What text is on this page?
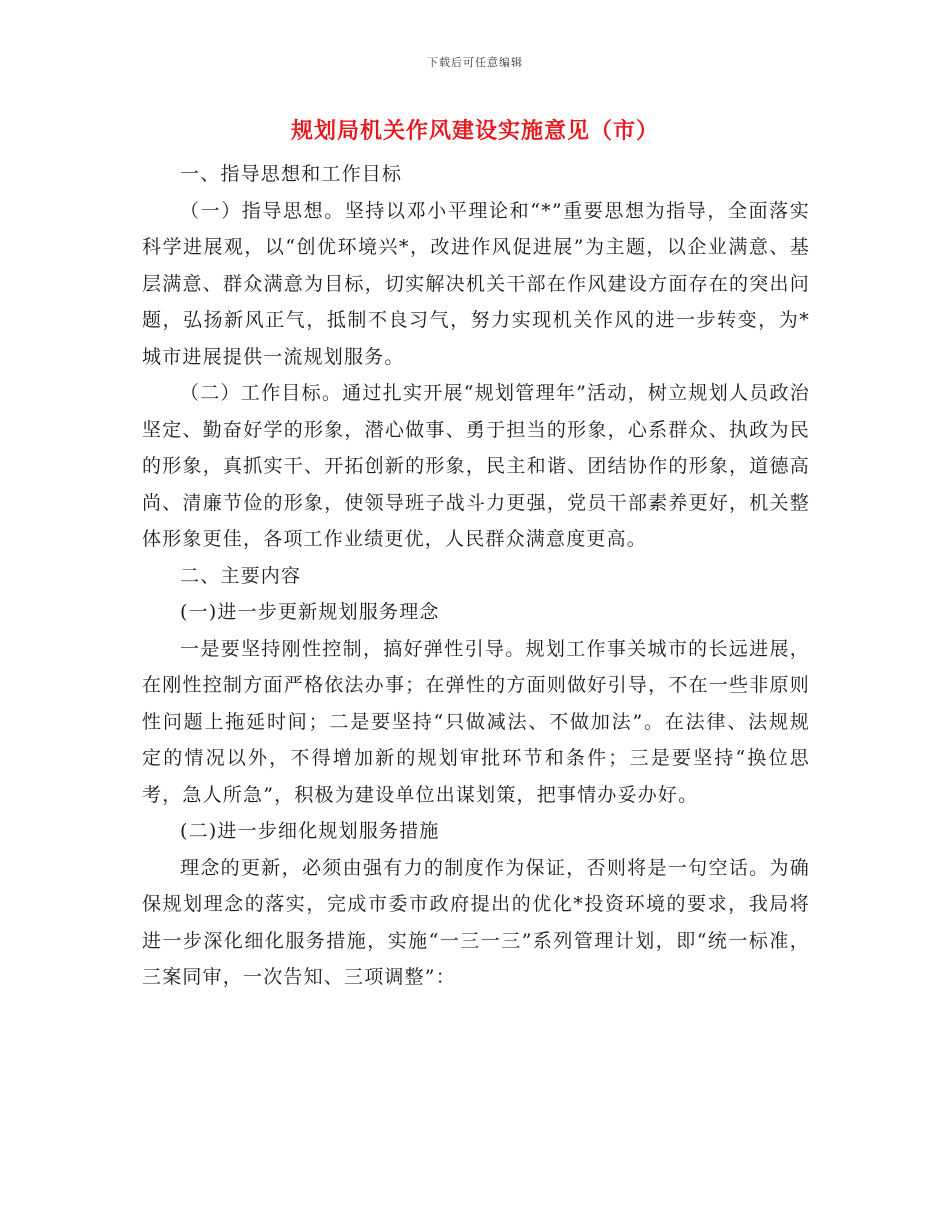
下载后可任意编辑
规划局机关作风建设实施意见（市）

一、指导思想和工作目标

（一）指导思想。坚持以邓小平理论和“*”重要思想为指导，全面落实科学进展观，以“创优环境兴*，改进作风促进展”为主题，以企业满意、基层满意、群众满意为目标，切实解决机关干部在作风建设方面存在的突出问题，弘扬新风正气，抵制不良习气，努力实现机关作风的进一步转变，为*城市进展提供一流规划服务。

（二）工作目标。通过扎实开展“规划管理年”活动，树立规划人员政治坚定、勤奋好学的形象，潜心做事、勇于担当的形象，心系群众、执政为民的形象，真抓实干、开拓创新的形象，民主和谐、团结协作的形象，道德高尚、清廉节俭的形象，使领导班子战斗力更强，党员干部素养更好，机关整体形象更佳，各项工作业绩更优，人民群众满意度更高。

二、主要内容

(一)进一步更新规划服务理念

一是要坚持刚性控制，搞好弹性引导。规划工作事关城市的长远进展，在刚性控制方面严格依法办事；在弹性的方面则做好引导，不在一些非原则性问题上拖延时间；二是要坚持“只做减法、不做加法”。在法律、法规规定的情况以外，不得增加新的规划审批环节和条件；三是要坚持“换位思考，急人所急”，积极为建设单位出谋划策，把事情办妥办好。

(二)进一步细化规划服务措施

理念的更新，必须由强有力的制度作为保证，否则将是一句空话。为确保规划理念的落实，完成市委市政府提出的优化*投资环境的要求，我局将进一步深化细化服务措施，实施“一三一三”系列管理计划，即“统一标准，三案同审，一次告知、三项调整”：
